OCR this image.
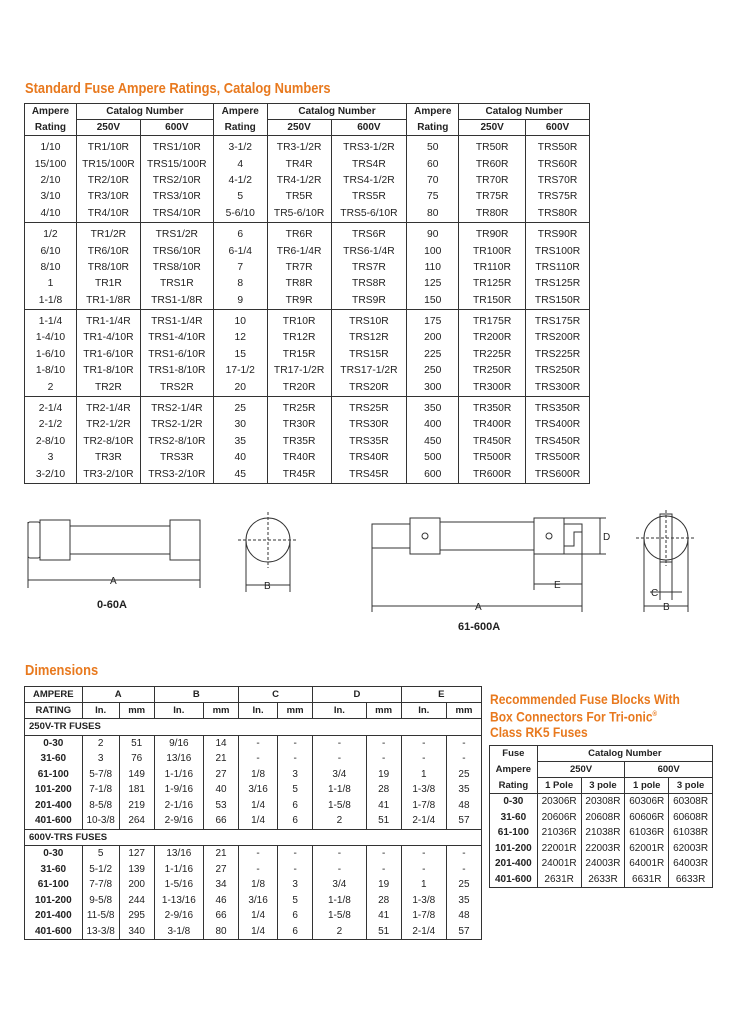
Standard Fuse Ampere Ratings, Catalog Numbers
Ampere	Catalog Number		Ampere	Catalog Number		Ampere	Catalog Number	
Rating	250V	600V	Rating	250V	600V	Rating	250V	600V
1/10	TR1/10R	TRS1/10R	3-1/2	TR3-1/2R	TRS3-1/2R	50	TR50R	TRS50R
15/100	TR15/100R	TRS15/100R	4	TR4R	TRS4R	60	TR60R	TRS60R
2/10	TR2/10R	TRS2/10R	4-1/2	TR4-1/2R	TRS4-1/2R	70	TR70R	TRS70R
3/10	TR3/10R	TRS3/10R	5	TR5R	TRS5R	75	TR75R	TRS75R
4/10	TR4/10R	TRS4/10R	5-6/10	TR5-6/10R	TRS5-6/10R	80	TR80R	TRS80R
1/2	TR1/2R	TRS1/2R	6	TR6R	TRS6R	90	TR90R	TRS90R
6/10	TR6/10R	TRS6/10R	6-1/4	TR6-1/4R	TRS6-1/4R	100	TR100R	TRS100R
8/10	TR8/10R	TRS8/10R	7	TR7R	TRS7R	110	TR110R	TRS110R
1	TR1R	TRS1R	8	TR8R	TRS8R	125	TR125R	TRS125R
1-1/8	TR1-1/8R	TRS1-1/8R	9	TR9R	TRS9R	150	TR150R	TRS150R
1-1/4	TR1-1/4R	TRS1-1/4R	10	TR10R	TRS10R	175	TR175R	TRS175R
1-4/10	TR1-4/10R	TRS1-4/10R	12	TR12R	TRS12R	200	TR200R	TRS200R
1-6/10	TR1-6/10R	TRS1-6/10R	15	TR15R	TRS15R	225	TR225R	TRS225R
1-8/10	TR1-8/10R	TRS1-8/10R	17-1/2	TR17-1/2R	TRS17-1/2R	250	TR250R	TRS250R
2	TR2R	TRS2R	20	TR20R	TRS20R	300	TR300R	TRS300R
2-1/4	TR2-1/4R	TRS2-1/4R	25	TR25R	TRS25R	350	TR350R	TRS350R
2-1/2	TR2-1/2R	TRS2-1/2R	30	TR30R	TRS30R	400	TR400R	TRS400R
2-8/10	TR2-8/10R	TRS2-8/10R	35	TR35R	TRS35R	450	TR450R	TRS450R
3	TR3R	TRS3R	40	TR40R	TRS40R	500	TR500R	TRS500R
3-2/10	TR3-2/10R	TRS3-2/10R	45	TR45R	TRS45R	600	TR600R	TRS600R
A	B
A
E
D
C
B
0-60A
61-600A
Dimensions
AMPERE	A		B		C		D		E	
RATING	In.	mm	In.	mm	In.	mm	In.	mm	In.	mm
250V-TR FUSES										
0-30	2	51	9/16	14	-	-	-	-	-	-
31-60	3	76	13/16	21	-	-	-	-	-	-
61-100	5-7/8	149	1-1/16	27	1/8	3	3/4	19	1	25
101-200	7-1/8	181	1-9/16	40	3/16	5	1-1/8	28	1-3/8	35
201-400	8-5/8	219	2-1/16	53	1/4	6	1-5/8	41	1-7/8	48
401-600	10-3/8	264	2-9/16	66	1/4	6	2	51	2-1/4	57
600V-TRS FUSES										
0-30	5	127	13/16	21	-	-	-	-	-	-
31-60	5-1/2	139	1-1/16	27	-	-	-	-	-	-
61-100	7-7/8	200	1-5/16	34	1/8	3	3/4	19	1	25
101-200	9-5/8	244	1-13/16	46	3/16	5	1-1/8	28	1-3/8	35
201-400	11-5/8	295	2-9/16	66	1/4	6	1-5/8	41	1-7/8	48
401-600	13-3/8	340	3-1/8	80	1/4	6	2	51	2-1/4	57
Recommended Fuse Blocks With
Box Connectors For Tri-onic®
Class RK5 Fuses
Fuse	Catalog Number			
Ampere	250V		600V	
Rating	1 Pole	3 pole	1 pole	3 pole
0-30	20306R	20308R	60306R	60308R
31-60	20606R	20608R	60606R	60608R
61-100	21036R	21038R	61036R	61038R
101-200	22001R	22003R	62001R	62003R
201-400	24001R	24003R	64001R	64003R
401-600	2631R	2633R	6631R	6633R
